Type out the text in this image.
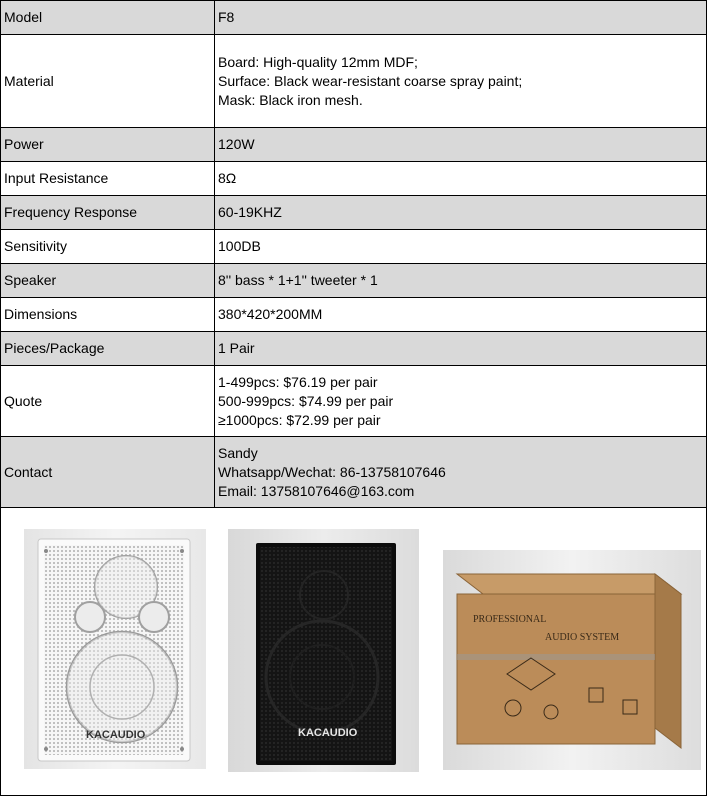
Model	F8
Material	Board: High-quality 12mm MDF;
Surface: Black wear-resistant coarse spray paint;
Mask: Black iron mesh.

Power	120W
Input Resistance	8Ω
Frequency Response	60-19KHZ
Sensitivity	100DB
Speaker	8'' bass * 1+1'' tweeter * 1
Dimensions	380*420*200MM
Pieces/Package	1 Pair
Quote	1-499pcs: $76.19 per pair
500-999pcs: $74.99 per pair
≥1000pcs: $72.99 per pair

Contact	Sandy
Whatsapp/Wechat: 86-13758107646
Email: 13758107646@163.com
KACAUDIO	KACAUDIO
PROFESSIONAL
AUDIO SYSTEM
